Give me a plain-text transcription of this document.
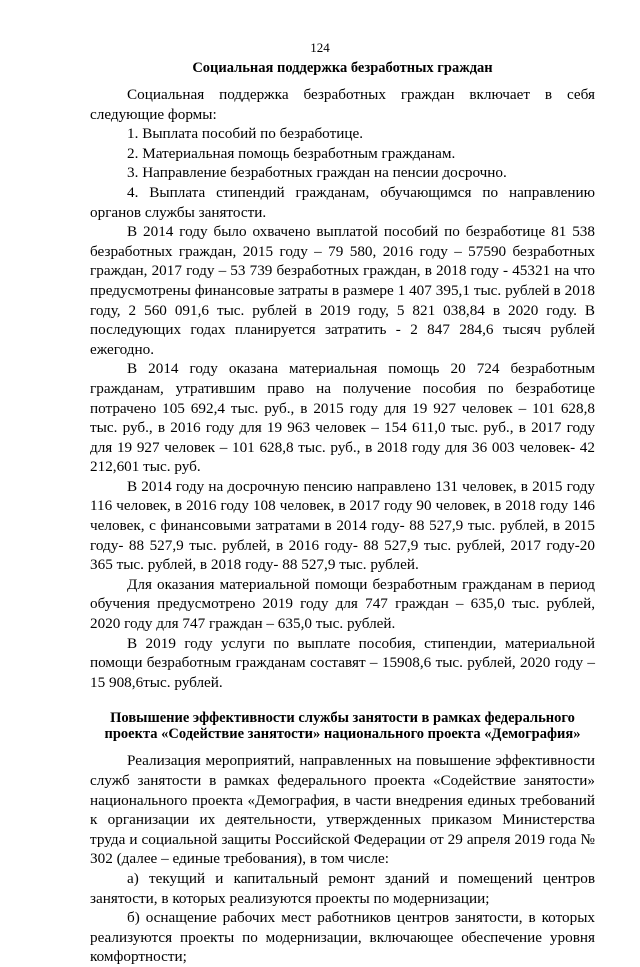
124
Социальная поддержка безработных граждан

Социальная поддержка безработных граждан включает в себя следующие формы:

1. Выплата пособий по безработице.
2. Материальная помощь безработным гражданам.
3. Направление безработных граждан на пенсии досрочно.
4. Выплата стипендий гражданам, обучающимся по направлению органов службы занятости.

В 2014 году было охвачено выплатой пособий по безработице 81 538 безработных граждан, 2015 году – 79 580, 2016 году – 57590 безработных граждан, 2017 году – 53 739 безработных граждан, в 2018 году - 45321 на что предусмотрены финансовые затраты в размере 1 407 395,1 тыс. рублей в 2018 году, 2 560 091,6 тыс. рублей в 2019 году, 5 821 038,84 в 2020 году. В последующих годах планируется затратить - 2 847 284,6 тысяч рублей ежегодно.

В 2014 году оказана материальная помощь 20 724 безработным гражданам, утратившим право на получение пособия по безработице потрачено 105 692,4 тыс. руб., в 2015 году для 19 927 человек – 101 628,8 тыс. руб., в 2016 году для 19 963 человек – 154 611,0 тыс. руб., в 2017 году для 19 927 человек – 101 628,8 тыс. руб., в 2018 году для 36 003 человек- 42 212,601 тыс. руб.

В 2014 году на досрочную пенсию направлено 131 человек, в 2015 году 116 человек, в 2016 году 108 человек, в 2017 году 90 человек, в 2018 году 146 человек, с финансовыми затратами в 2014 году- 88 527,9 тыс. рублей, в 2015 году- 88 527,9 тыс. рублей, в 2016 году- 88 527,9 тыс. рублей, 2017 году-20 365 тыс. рублей, в 2018 году- 88 527,9 тыс. рублей.

Для оказания материальной помощи безработным гражданам в период обучения предусмотрено 2019 году для 747 граждан – 635,0 тыс. рублей, 2020 году для 747 граждан – 635,0 тыс. рублей.

В 2019 году услуги по выплате пособия, стипендии, материальной помощи безработным гражданам составят – 15908,6 тыс. рублей, 2020 году – 15 908,6тыс. рублей.

Повышение эффективности службы занятости в рамках федерального проекта «Содействие занятости» национального проекта «Демография»

Реализация мероприятий, направленных на повышение эффективности служб занятости в рамках федерального проекта «Содействие занятости» национального проекта «Демография, в части внедрения единых требований к организации их деятельности, утвержденных приказом Министерства труда и социальной защиты Российской Федерации от 29 апреля 2019 года № 302 (далее – единые требования), в том числе:

а) текущий и капитальный ремонт зданий и помещений центров занятости, в которых реализуются проекты по модернизации;

б) оснащение рабочих мест работников центров занятости, в которых реализуются проекты по модернизации, включающее обеспечение уровня комфортности;
